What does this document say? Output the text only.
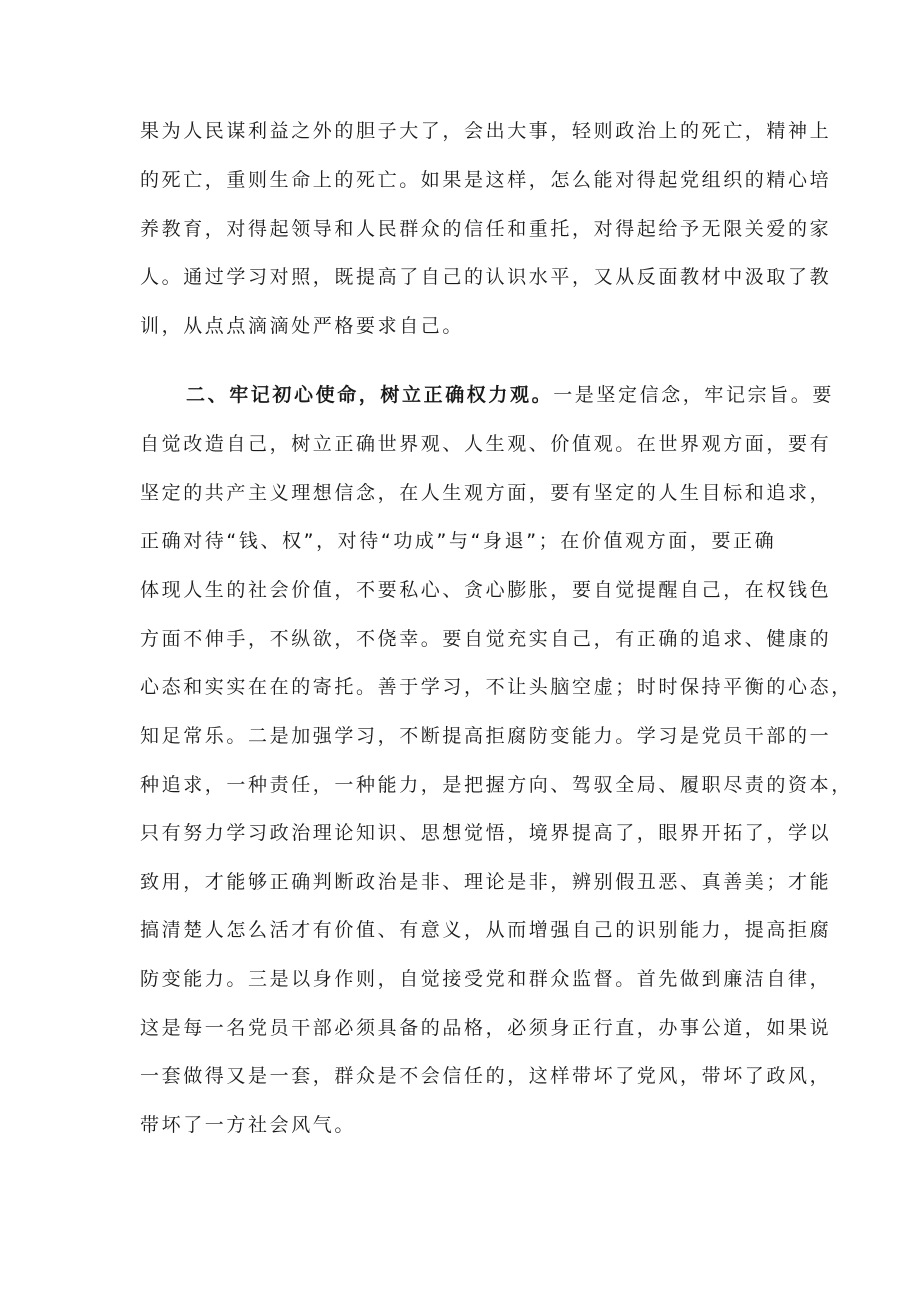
果为人民谋利益之外的胆子大了，会出大事，轻则政治上的死亡，精神上
的死亡，重则生命上的死亡。如果是这样，怎么能对得起党组织的精心培
养教育，对得起领导和人民群众的信任和重托，对得起给予无限关爱的家
人。通过学习对照，既提高了自己的认识水平，又从反面教材中汲取了教
训，从点点滴滴处严格要求自己。
二、牢记初心使命，树立正确权力观。一是坚定信念，牢记宗旨。要
自觉改造自己，树立正确世界观、人生观、价值观。在世界观方面，要有
坚定的共产主义理想信念，在人生观方面，要有坚定的人生目标和追求，
正确对待“钱、权”，对待“功成”与“身退”；在价值观方面，要正确
体现人生的社会价值，不要私心、贪心膨胀，要自觉提醒自己，在权钱色
方面不伸手，不纵欲，不侥幸。要自觉充实自己，有正确的追求、健康的
心态和实实在在的寄托。善于学习，不让头脑空虚；时时保持平衡的心态，
知足常乐。二是加强学习，不断提高拒腐防变能力。学习是党员干部的一
种追求，一种责任，一种能力，是把握方向、驾驭全局、履职尽责的资本，
只有努力学习政治理论知识、思想觉悟，境界提高了，眼界开拓了，学以
致用，才能够正确判断政治是非、理论是非，辨别假丑恶、真善美；才能
搞清楚人怎么活才有价值、有意义，从而增强自己的识别能力，提高拒腐
防变能力。三是以身作则，自觉接受党和群众监督。首先做到廉洁自律，
这是每一名党员干部必须具备的品格，必须身正行直，办事公道，如果说
一套做得又是一套，群众是不会信任的，这样带坏了党风，带坏了政风，
带坏了一方社会风气。
